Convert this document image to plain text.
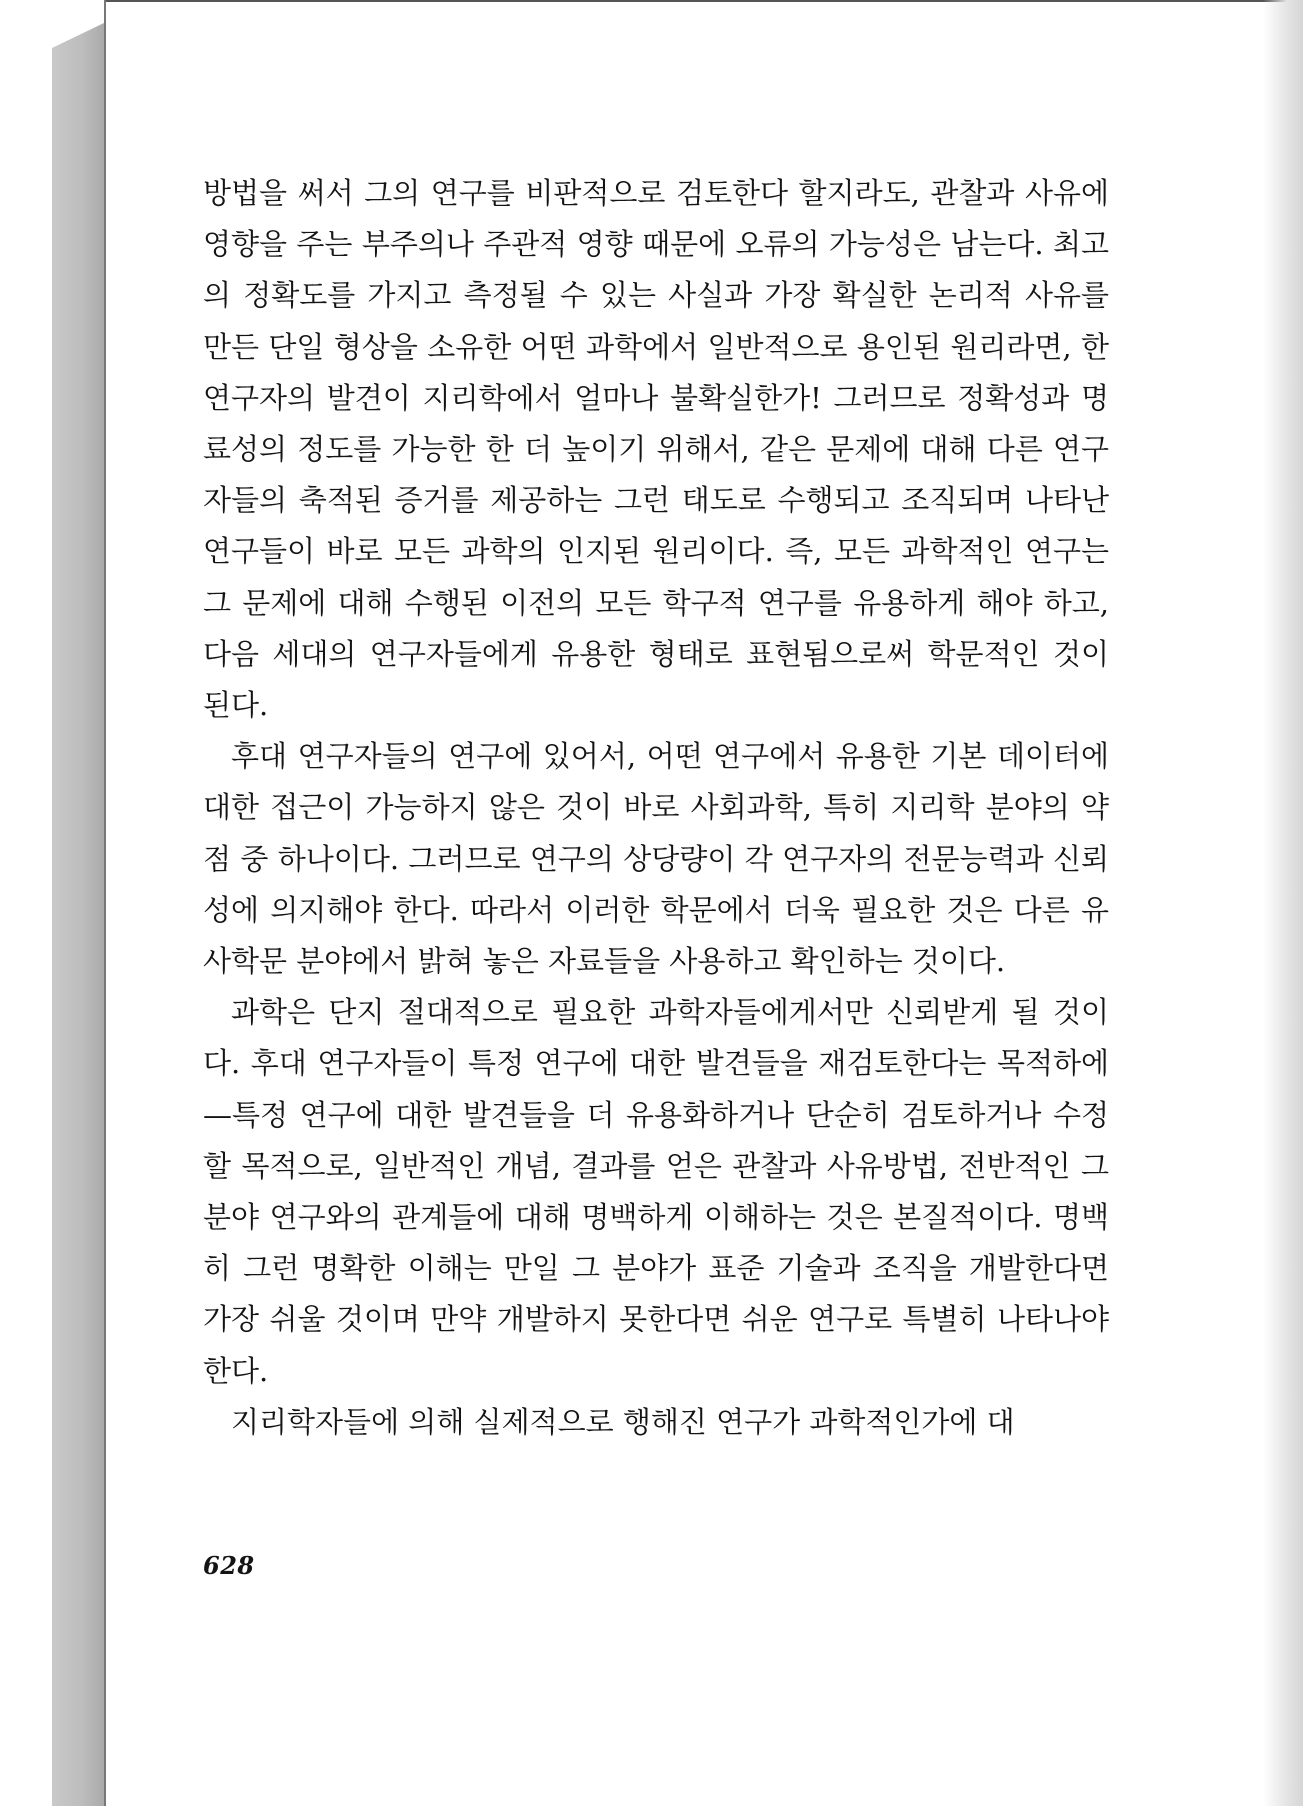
방법을 써서 그의 연구를 비판적으로 검토한다 할지라도, 관찰과 사유에 영향을 주는 부주의나 주관적 영향 때문에 오류의 가능성은 남는다. 최고의 정확도를 가지고 측정될 수 있는 사실과 가장 확실한 논리적 사유를 만든 단일 형상을 소유한 어떤 과학에서 일반적으로 용인된 원리라면, 한 연구자의 발견이 지리학에서 얼마나 불확실한가! 그러므로 정확성과 명료성의 정도를 가능한 한 더 높이기 위해서, 같은 문제에 대해 다른 연구자들의 축적된 증거를 제공하는 그런 태도로 수행되고 조직되며 나타난 연구들이 바로 모든 과학의 인지된 원리이다. 즉, 모든 과학적인 연구는 그 문제에 대해 수행된 이전의 모든 학구적 연구를 유용하게 해야 하고, 다음 세대의 연구자들에게 유용한 형태로 표현됨으로써 학문적인 것이 된다.

후대 연구자들의 연구에 있어서, 어떤 연구에서 유용한 기본 데이터에 대한 접근이 가능하지 않은 것이 바로 사회과학, 특히 지리학 분야의 약점 중 하나이다. 그러므로 연구의 상당량이 각 연구자의 전문능력과 신뢰성에 의지해야 한다. 따라서 이러한 학문에서 더욱 필요한 것은 다른 유사학문 분야에서 밝혀 놓은 자료들을 사용하고 확인하는 것이다.

과학은 단지 절대적으로 필요한 과학자들에게서만 신뢰받게 될 것이다. 후대 연구자들이 특정 연구에 대한 발견들을 재검토한다는 목적하에—특정 연구에 대한 발견들을 더 유용화하거나 단순히 검토하거나 수정할 목적으로, 일반적인 개념, 결과를 얻은 관찰과 사유방법, 전반적인 그 분야 연구와의 관계들에 대해 명백하게 이해하는 것은 본질적이다. 명백히 그런 명확한 이해는 만일 그 분야가 표준 기술과 조직을 개발한다면 가장 쉬울 것이며 만약 개발하지 못한다면 쉬운 연구로 특별히 나타나야 한다.

지리학자들에 의해 실제적으로 행해진 연구가 과학적인가에 대

628
